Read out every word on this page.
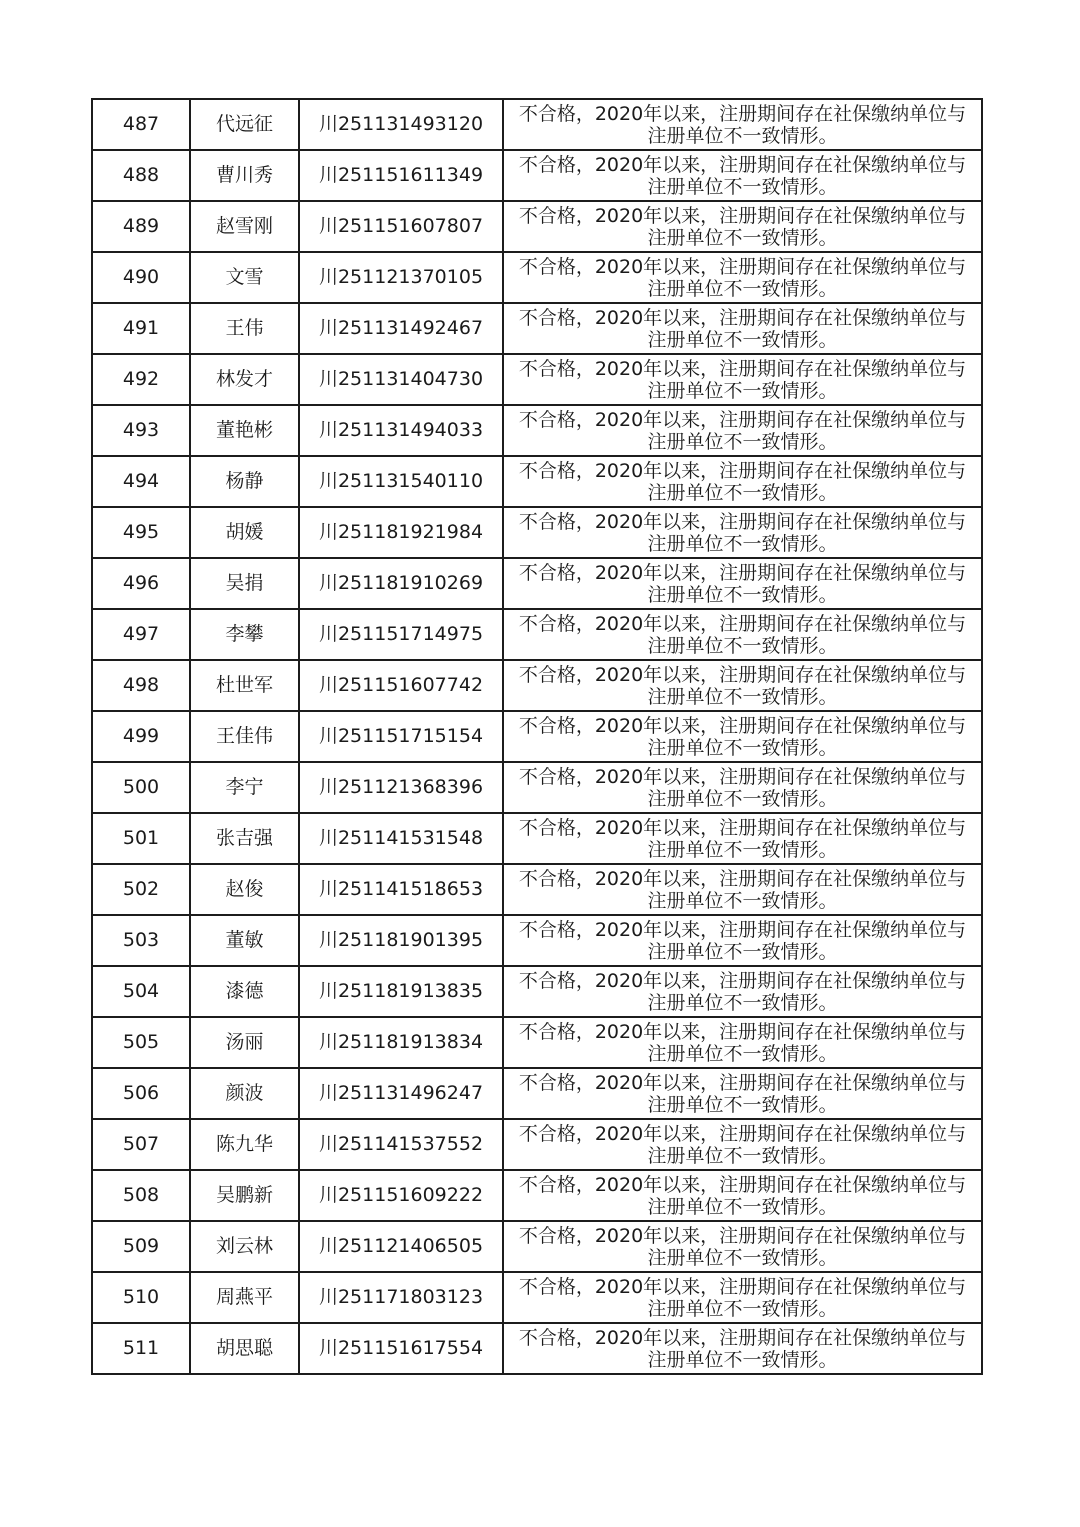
487	代远征	川251131493120	不合格，2020年以来，注册期间存在社保缴纳单位与
注册单位不一致情形。

488	曹川秀	川251151611349	不合格，2020年以来，注册期间存在社保缴纳单位与
注册单位不一致情形。

489	赵雪刚	川251151607807	不合格，2020年以来，注册期间存在社保缴纳单位与
注册单位不一致情形。

490	文雪	川251121370105	不合格，2020年以来，注册期间存在社保缴纳单位与
注册单位不一致情形。

491	王伟	川251131492467	不合格，2020年以来，注册期间存在社保缴纳单位与
注册单位不一致情形。

492	林发才	川251131404730	不合格，2020年以来，注册期间存在社保缴纳单位与
注册单位不一致情形。

493	董艳彬	川251131494033	不合格，2020年以来，注册期间存在社保缴纳单位与
注册单位不一致情形。

494	杨静	川251131540110	不合格，2020年以来，注册期间存在社保缴纳单位与
注册单位不一致情形。

495	胡媛	川251181921984	不合格，2020年以来，注册期间存在社保缴纳单位与
注册单位不一致情形。

496	吴捐	川251181910269	不合格，2020年以来，注册期间存在社保缴纳单位与
注册单位不一致情形。

497	李攀	川251151714975	不合格，2020年以来，注册期间存在社保缴纳单位与
注册单位不一致情形。

498	杜世军	川251151607742	不合格，2020年以来，注册期间存在社保缴纳单位与
注册单位不一致情形。

499	王佳伟	川251151715154	不合格，2020年以来，注册期间存在社保缴纳单位与
注册单位不一致情形。

500	李宁	川251121368396	不合格，2020年以来，注册期间存在社保缴纳单位与
注册单位不一致情形。

501	张吉强	川251141531548	不合格，2020年以来，注册期间存在社保缴纳单位与
注册单位不一致情形。

502	赵俊	川251141518653	不合格，2020年以来，注册期间存在社保缴纳单位与
注册单位不一致情形。

503	董敏	川251181901395	不合格，2020年以来，注册期间存在社保缴纳单位与
注册单位不一致情形。

504	漆德	川251181913835	不合格，2020年以来，注册期间存在社保缴纳单位与
注册单位不一致情形。

505	汤丽	川251181913834	不合格，2020年以来，注册期间存在社保缴纳单位与
注册单位不一致情形。

506	颜波	川251131496247	不合格，2020年以来，注册期间存在社保缴纳单位与
注册单位不一致情形。

507	陈九华	川251141537552	不合格，2020年以来，注册期间存在社保缴纳单位与
注册单位不一致情形。

508	吴鹏新	川251151609222	不合格，2020年以来，注册期间存在社保缴纳单位与
注册单位不一致情形。

509	刘云林	川251121406505	不合格，2020年以来，注册期间存在社保缴纳单位与
注册单位不一致情形。

510	周燕平	川251171803123	不合格，2020年以来，注册期间存在社保缴纳单位与
注册单位不一致情形。

511	胡思聪	川251151617554	不合格，2020年以来，注册期间存在社保缴纳单位与
注册单位不一致情形。
